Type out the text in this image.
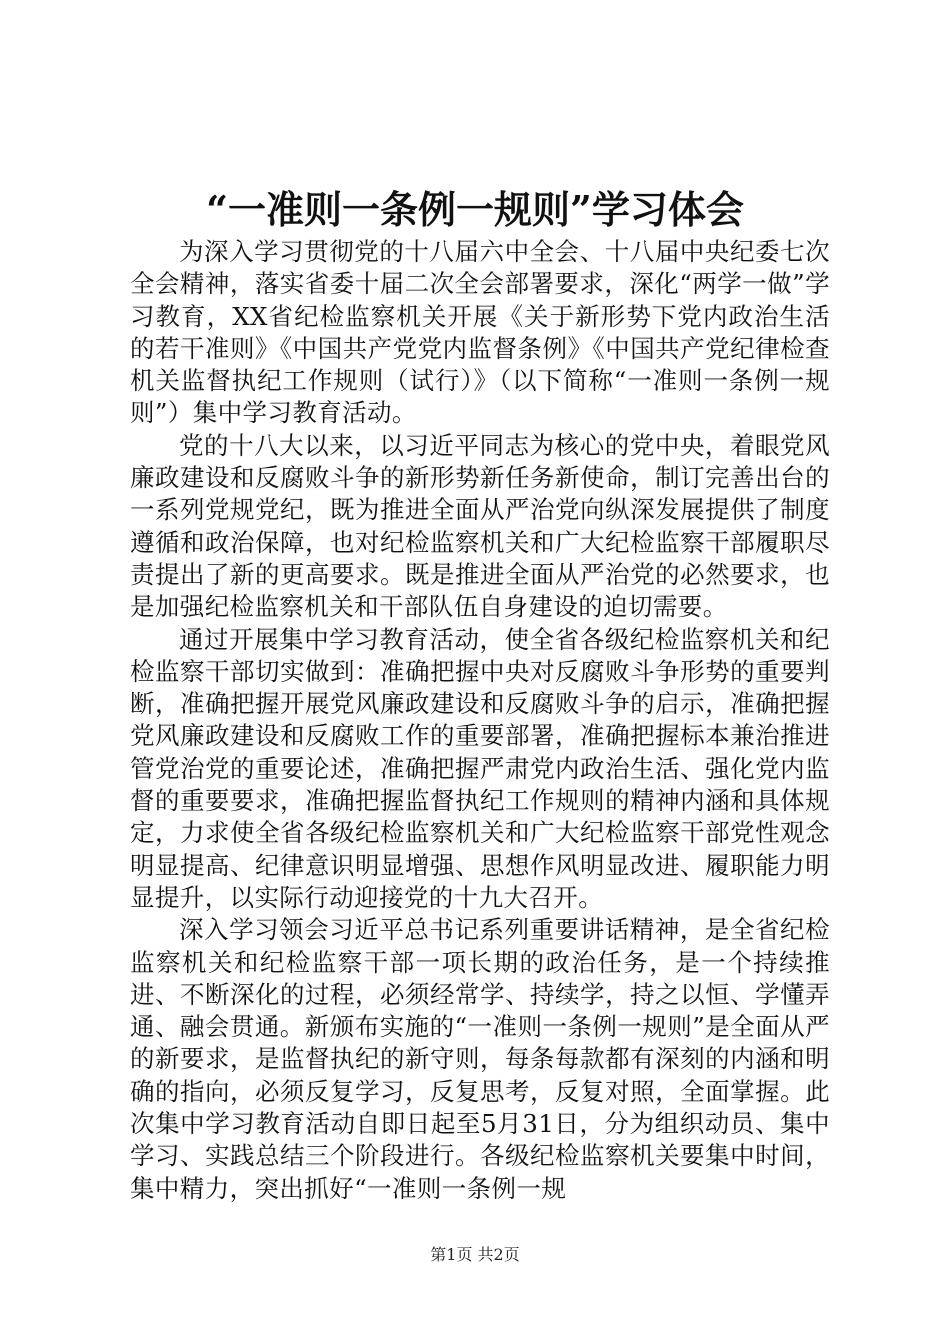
“一准则一条例一规则”学习体会

为深入学习贯彻党的十八届六中全会、十八届中央纪委七次全会精神，落实省委十届二次全会部署要求，深化“两学一做”学习教育，XX省纪检监察机关开展《关于新形势下党内政治生活的若干准则》《中国共产党党内监督条例》《中国共产党纪律检查机关监督执纪工作规则（试行）》（以下简称“一准则一条例一规则”）集中学习教育活动。

党的十八大以来，以习近平同志为核心的党中央，着眼党风廉政建设和反腐败斗争的新形势新任务新使命，制订完善出台的一系列党规党纪，既为推进全面从严治党向纵深发展提供了制度遵循和政治保障，也对纪检监察机关和广大纪检监察干部履职尽责提出了新的更高要求。既是推进全面从严治党的必然要求，也是加强纪检监察机关和干部队伍自身建设的迫切需要。

通过开展集中学习教育活动，使全省各级纪检监察机关和纪检监察干部切实做到：准确把握中央对反腐败斗争形势的重要判断，准确把握开展党风廉政建设和反腐败斗争的启示，准确把握党风廉政建设和反腐败工作的重要部署，准确把握标本兼治推进管党治党的重要论述，准确把握严肃党内政治生活、强化党内监督的重要要求，准确把握监督执纪工作规则的精神内涵和具体规定，力求使全省各级纪检监察机关和广大纪检监察干部党性观念明显提高、纪律意识明显增强、思想作风明显改进、履职能力明显提升，以实际行动迎接党的十九大召开。

深入学习领会习近平总书记系列重要讲话精神，是全省纪检监察机关和纪检监察干部一项长期的政治任务，是一个持续推进、不断深化的过程，必须经常学、持续学，持之以恒、学懂弄通、融会贯通。新颁布实施的“一准则一条例一规则”是全面从严的新要求，是监督执纪的新守则，每条每款都有深刻的内涵和明确的指向，必须反复学习，反复思考，反复对照，全面掌握。此次集中学习教育活动自即日起至5月31日，分为组织动员、集中学习、实践总结三个阶段进行。各级纪检监察机关要集中时间，集中精力，突出抓好“一准则一条例一规

第1页 共2页
